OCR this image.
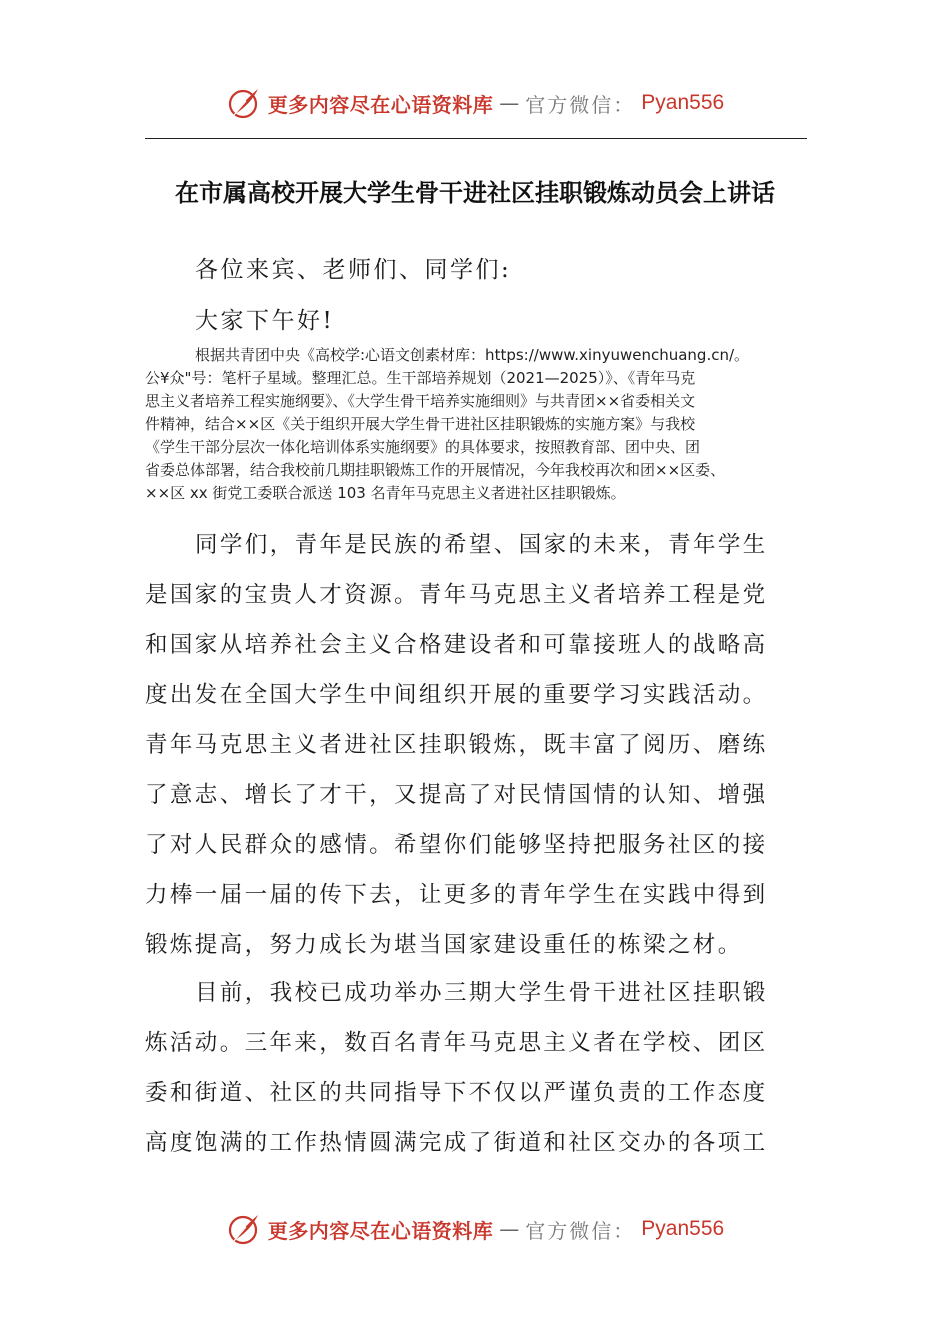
更多内容尽在心语资料库 — 官方微信： Pyan556
在市属高校开展大学生骨干进社区挂职锻炼动员会上讲话

各位来宾、老师们、同学们:

大家下午好!

根据共青团中央《高校学:心语文创素材库：https://www.xinyuwenchuang.cn/。
公¥众"号：笔杆子星域。整理汇总。生干部培养规划（2021—2025）》、《青年马克
思主义者培养工程实施纲要》、《大学生骨干培养实施细则》与共青团××省委相关文
件精神，结合××区《关于组织开展大学生骨干进社区挂职锻炼的实施方案》与我校
《学生干部分层次一体化培训体系实施纲要》的具体要求，按照教育部、团中央、团
省委总体部署，结合我校前几期挂职锻炼工作的开展情况，今年我校再次和团××区委、
××区 xx 街党工委联合派送 103 名青年马克思主义者进社区挂职锻炼。

同学们，青年是民族的希望、国家的未来，青年学生
是国家的宝贵人才资源。青年马克思主义者培养工程是党
和国家从培养社会主义合格建设者和可靠接班人的战略高
度出发在全国大学生中间组织开展的重要学习实践活动。
青年马克思主义者进社区挂职锻炼，既丰富了阅历、磨练
了意志、增长了才干，又提高了对民情国情的认知、增强
了对人民群众的感情。希望你们能够坚持把服务社区的接
力棒一届一届的传下去，让更多的青年学生在实践中得到
锻炼提高，努力成长为堪当国家建设重任的栋梁之材。

目前，我校已成功举办三期大学生骨干进社区挂职锻
炼活动。三年来，数百名青年马克思主义者在学校、团区
委和街道、社区的共同指导下不仅以严谨负责的工作态度
高度饱满的工作热情圆满完成了街道和社区交办的各项工

更多内容尽在心语资料库 — 官方微信： Pyan556
